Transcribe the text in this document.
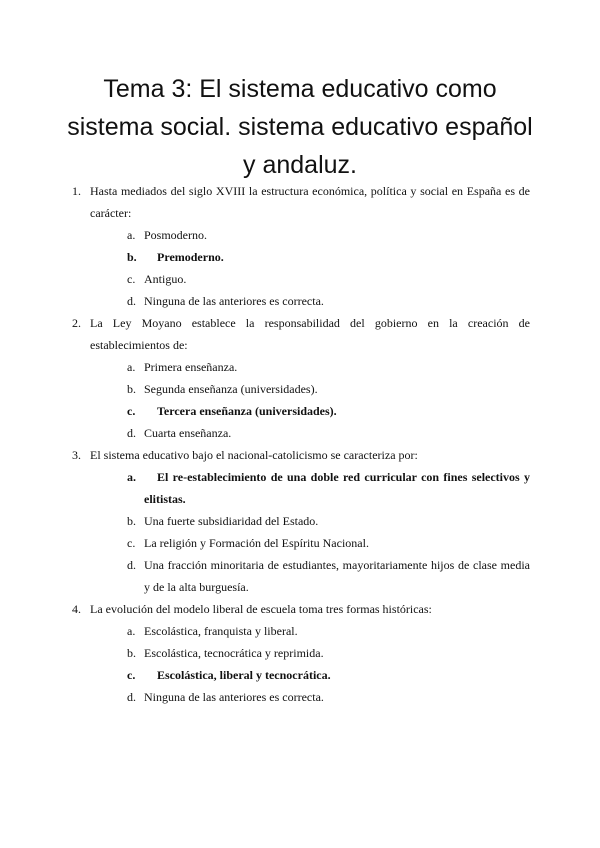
Tema 3: El sistema educativo como sistema social. sistema educativo español y andaluz.
1. Hasta mediados del siglo XVIII la estructura económica, política y social en España es de carácter:
a. Posmoderno.
b.	Premoderno.
c. Antiguo.
d. Ninguna de las anteriores es correcta.
2. La Ley Moyano establece la responsabilidad del gobierno en la creación de establecimientos de:
a. Primera enseñanza.
b. Segunda enseñanza (universidades).
c.	Tercera enseñanza (universidades).
d. Cuarta enseñanza.
3. El sistema educativo bajo el nacional-catolicismo se caracteriza por:
a.	El re-establecimiento de una doble red curricular con fines selectivos y elitistas.
b. Una fuerte subsidiaridad del Estado.
c. La religión y Formación del Espíritu Nacional.
d. Una fracción minoritaria de estudiantes, mayoritariamente hijos de clase media y de la alta burguesía.
4. La evolución del modelo liberal de escuela toma tres formas históricas:
a. Escolástica, franquista y liberal.
b. Escolástica, tecnocrática y reprimida.
c.	Escolástica, liberal y tecnocrática.
d. Ninguna de las anteriores es correcta.
